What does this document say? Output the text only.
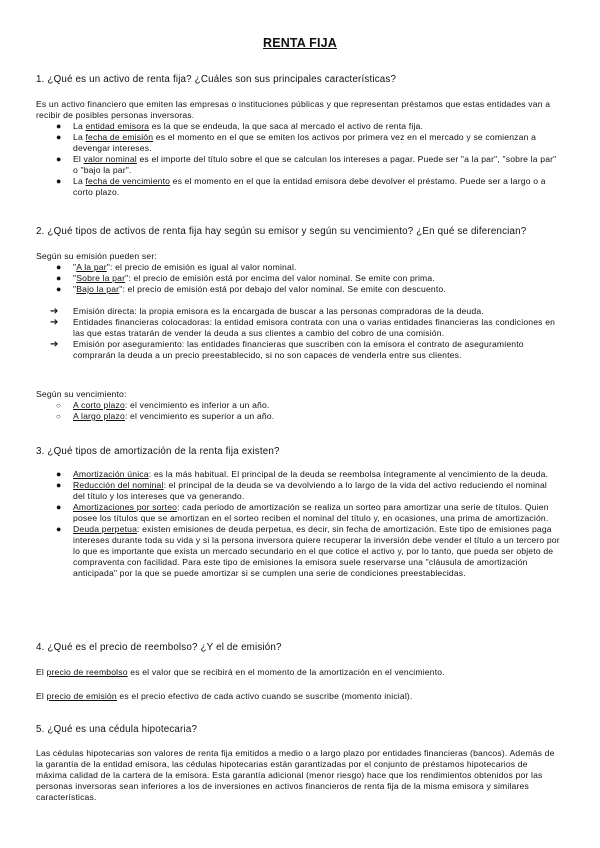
RENTA FIJA
1. ¿Qué es un activo de renta fija? ¿Cuáles son sus principales características?
Es un activo financiero que emiten las empresas o instituciones públicas y que representan préstamos que estas entidades van a recibir de posibles personas inversoras.
● La entidad emisora es la que se endeuda, la que saca al mercado el activo de renta fija.
● La fecha de emisión es el momento en el que se emiten los activos por primera vez en el mercado y se comienzan a devengar intereses.
● El valor nominal es el importe del título sobre el que se calculan los intereses a pagar. Puede ser "a la par", "sobre la par" o "bajo la par".
● La fecha de vencimiento es el momento en el que la entidad emisora debe devolver el préstamo. Puede ser a largo o a corto plazo.
2. ¿Qué tipos de activos de renta fija hay según su emisor y según su vencimiento? ¿En qué se diferencian?
Según su emisión pueden ser:
● "A la par": el precio de emisión es igual al valor nominal.
● "Sobre la par": el precio de emisión está por encima del valor nominal. Se emite con prima.
● "Bajo la par": el precio de emisión está por debajo del valor nominal. Se emite con descuento.
➔ Emisión directa: la propia emisora es la encargada de buscar a las personas compradoras de la deuda.
➔ Entidades financieras colocadoras: la entidad emisora contrata con una o varias entidades financieras las condiciones en las que estas tratarán de vender la deuda a sus clientes a cambio del cobro de una comisión.
➔ Emisión por aseguramiento: las entidades financieras que suscriben con la emisora el contrato de aseguramiento comprarán la deuda a un precio preestablecido, si no son capaces de venderla entre sus clientes.
Según su vencimiento:
○ A corto plazo: el vencimiento es inferior a un año.
○ A largo plazo: el vencimiento es superior a un año.
3. ¿Qué tipos de amortización de la renta fija existen?
● Amortización única: es la más habitual. El principal de la deuda se reembolsa íntegramente al vencimiento de la deuda.
● Reducción del nominal: el principal de la deuda se va devolviendo a lo largo de la vida del activo reduciendo el nominal del título y los intereses que va generando.
● Amortizaciones por sorteo: cada periodo de amortización se realiza un sorteo para amortizar una serie de títulos. Quien posee los títulos que se amortizan en el sorteo reciben el nominal del título y, en ocasiones, una prima de amortización.
● Deuda perpetua: existen emisiones de deuda perpetua, es decir, sin fecha de amortización. Este tipo de emisiones paga intereses durante toda su vida y si la persona inversora quiere recuperar la inversión debe vender el título a un tercero por lo que es importante que exista un mercado secundario en el que cotice el activo y, por lo tanto, que pueda ser objeto de compraventa con facilidad. Para este tipo de emisiones la emisora suele reservarse una "cláusula de amortización anticipada" por la que se puede amortizar si se cumplen una serie de condiciones preestablecidas.
4. ¿Qué es el precio de reembolso? ¿Y el de emisión?
El precio de reembolso es el valor que se recibirá en el momento de la amortización en el vencimiento.
El precio de emisión es el precio efectivo de cada activo cuando se suscribe (momento inicial).
5. ¿Qué es una cédula hipotecaria?
Las cédulas hipotecarias son valores de renta fija emitidos a medio o a largo plazo por entidades financieras (bancos). Además de la garantía de la entidad emisora, las cédulas hipotecarias están garantizadas por el conjunto de préstamos hipotecarios de máxima calidad de la cartera de la emisora. Esta garantía adicional (menor riesgo) hace que los rendimientos obtenidos por las personas inversoras sean inferiores a los de inversiones en activos financieros de renta fija de la misma emisora y similares características.
